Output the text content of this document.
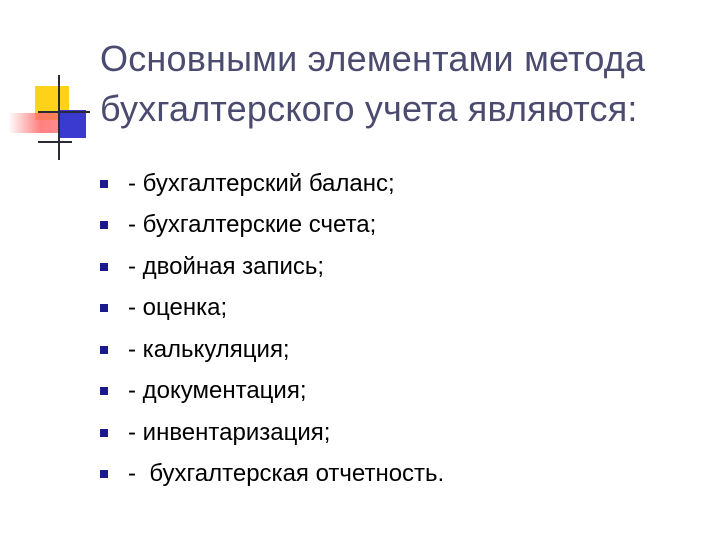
Основными элементами метода бухгалтерского учета являются:
- бухгалтерский баланс;
- бухгалтерские счета;
- двойная запись;
- оценка;
- калькуляция;
- документация;
- инвентаризация;
-  бухгалтерская отчетность.
